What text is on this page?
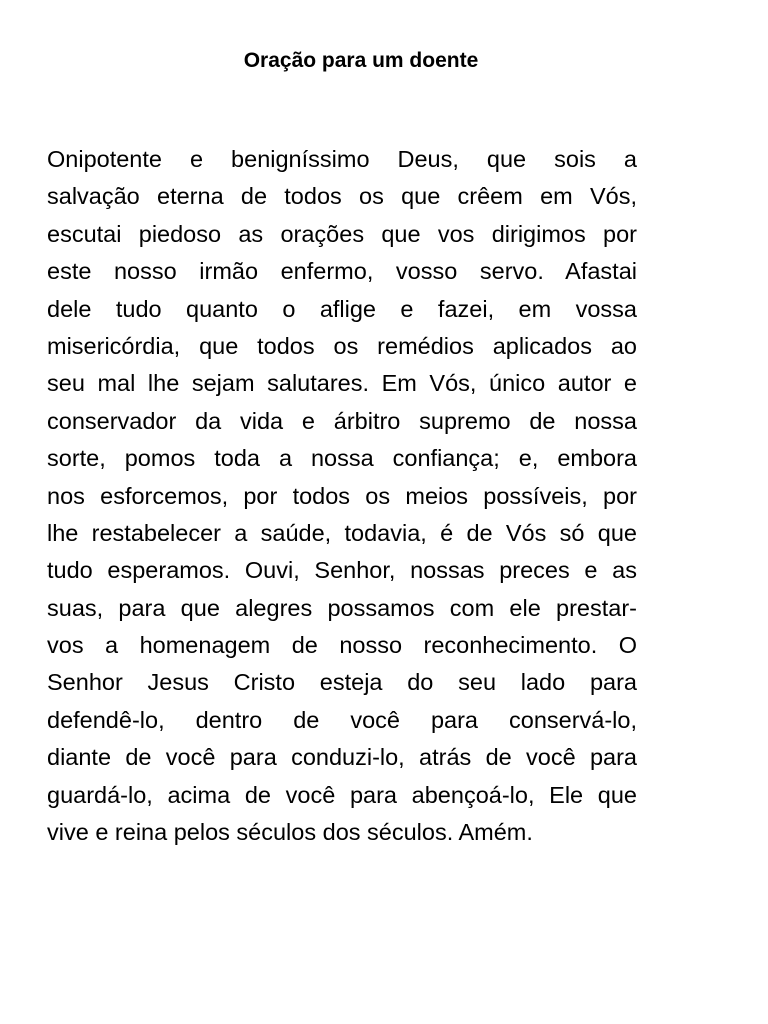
Oração para um doente
Onipotente e benigníssimo Deus, que sois a
salvação eterna de todos os que crêem em Vós,
escutai piedoso as orações que vos dirigimos por
este nosso irmão enfermo, vosso servo. Afastai
dele tudo quanto o aflige e fazei, em vossa
misericórdia, que todos os remédios aplicados ao
seu mal lhe sejam salutares. Em Vós, único autor e
conservador da vida e árbitro supremo de nossa
sorte, pomos toda a nossa confiança; e, embora
nos esforcemos, por todos os meios possíveis, por
lhe restabelecer a saúde, todavia, é de Vós só que
tudo esperamos. Ouvi, Senhor, nossas preces e as
suas, para que alegres possamos com ele prestar-
vos a homenagem de nosso reconhecimento. O
Senhor Jesus Cristo esteja do seu lado para
defendê-lo, dentro de você para conservá-lo,
diante de você para conduzi-lo, atrás de você para
guardá-lo, acima de você para abençoá-lo, Ele que
vive e reina pelos séculos dos séculos. Amém.
